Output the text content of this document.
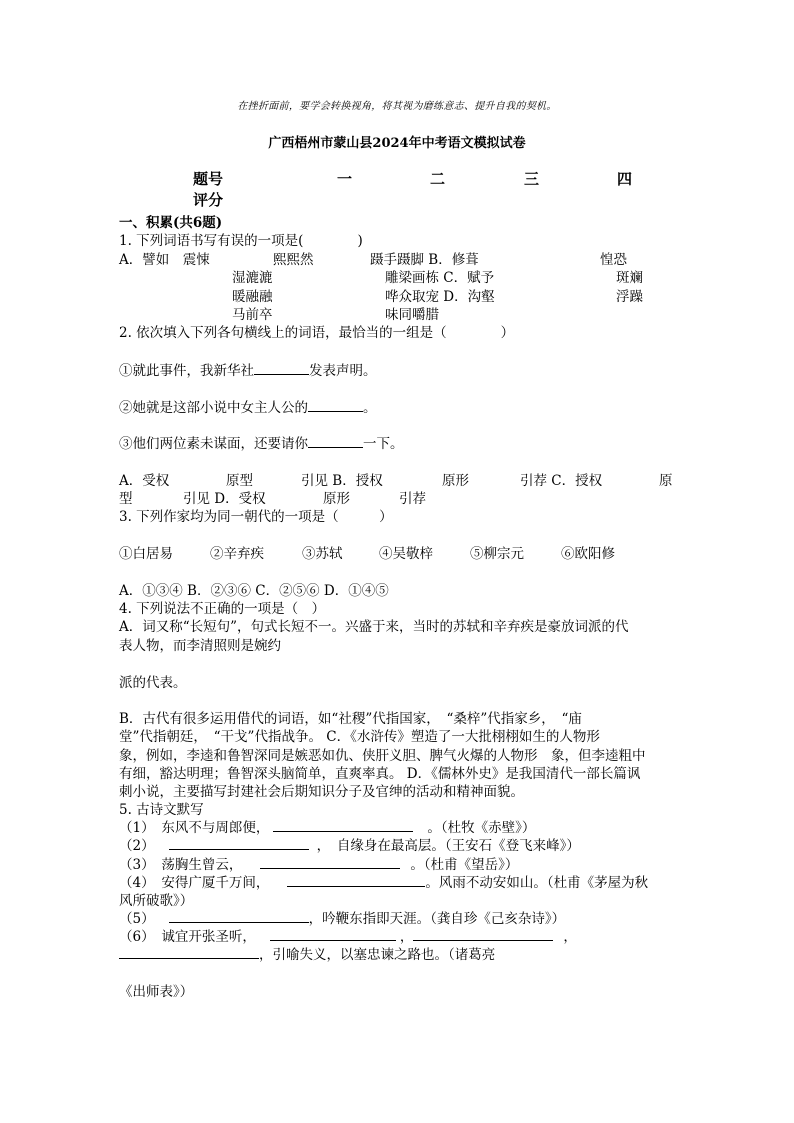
在挫折面前，要学会转换视角，将其视为磨练意志、提升自我的契机。
广西梧州市蒙山县2024年中考语文模拟试卷
题号	一	二	三	四
评分
一、积累(共6题)
1. 下列词语书写有误的一项是(　　　　)
A．譬如　震悚	熙熙然	蹑手蹑脚 B．修葺	惶恐
湿漉漉	雕梁画栋 C．赋予	斑斓
暖融融	哗众取宠 D．沟壑	浮躁
马前卒	味同嚼腊
2. 依次填入下列各句横线上的词语，最恰当的一组是（　　　　）
①就此事件，我新华社	发表声明。
②她就是这部小说中女主人公的	。
③他们两位素未谋面，还要请你	一下。
A．受权	原型	引见 B．授权	原形	引荐 C．授权	原
型	引见 D．受权	原形	引荐
3. 下列作家均为同一朝代的一项是（　　　）
①白居易	②辛弃疾	③苏轼	④吴敬梓	⑤柳宗元	⑥欧阳修
A．①③④ B．②③⑥ C．②⑤⑥ D．①④⑤
4. 下列说法不正确的一项是（　）
A．词又称“长短句”，句式长短不一。兴盛于来，当时的苏轼和辛弃疾是豪放词派的代
表人物，而李清照则是婉约
派的代表。
B．古代有很多运用借代的词语，如“社稷”代指国家，　“桑梓”代指家乡，　“庙
堂”代指朝廷，　“干戈”代指战争。 C．《水浒传》塑造了一大批栩栩如生的人物形
象，例如，李逵和鲁智深同是嫉恶如仇、侠肝义胆、脾气火爆的人物形　象，但李逵粗中
有细，豁达明理；鲁智深头脑简单，直爽率真。 D．《儒林外史》是我国清代一部长篇讽
刺小说，主要描写封建社会后期知识分子及官绅的活动和精神面貌。
5. 古诗文默写
（1）　东风不与周郎便，	。（杜牧《赤壁》）
（2）	，　自缘身在最高层。（王安石《登飞来峰》）
（3）　荡胸生曾云，	。（杜甫《望岳》）
（4）　安得广厦千万间，	。风雨不动安如山。（杜甫《茅屋为秋
风所破歌》）
（5）	，吟鞭东指即天涯。（龚自珍《己亥杂诗》）
（6）　诚宜开张圣听，	，	，
，引喻失义，以塞忠谏之路也。（诸葛亮
《出师表》）
